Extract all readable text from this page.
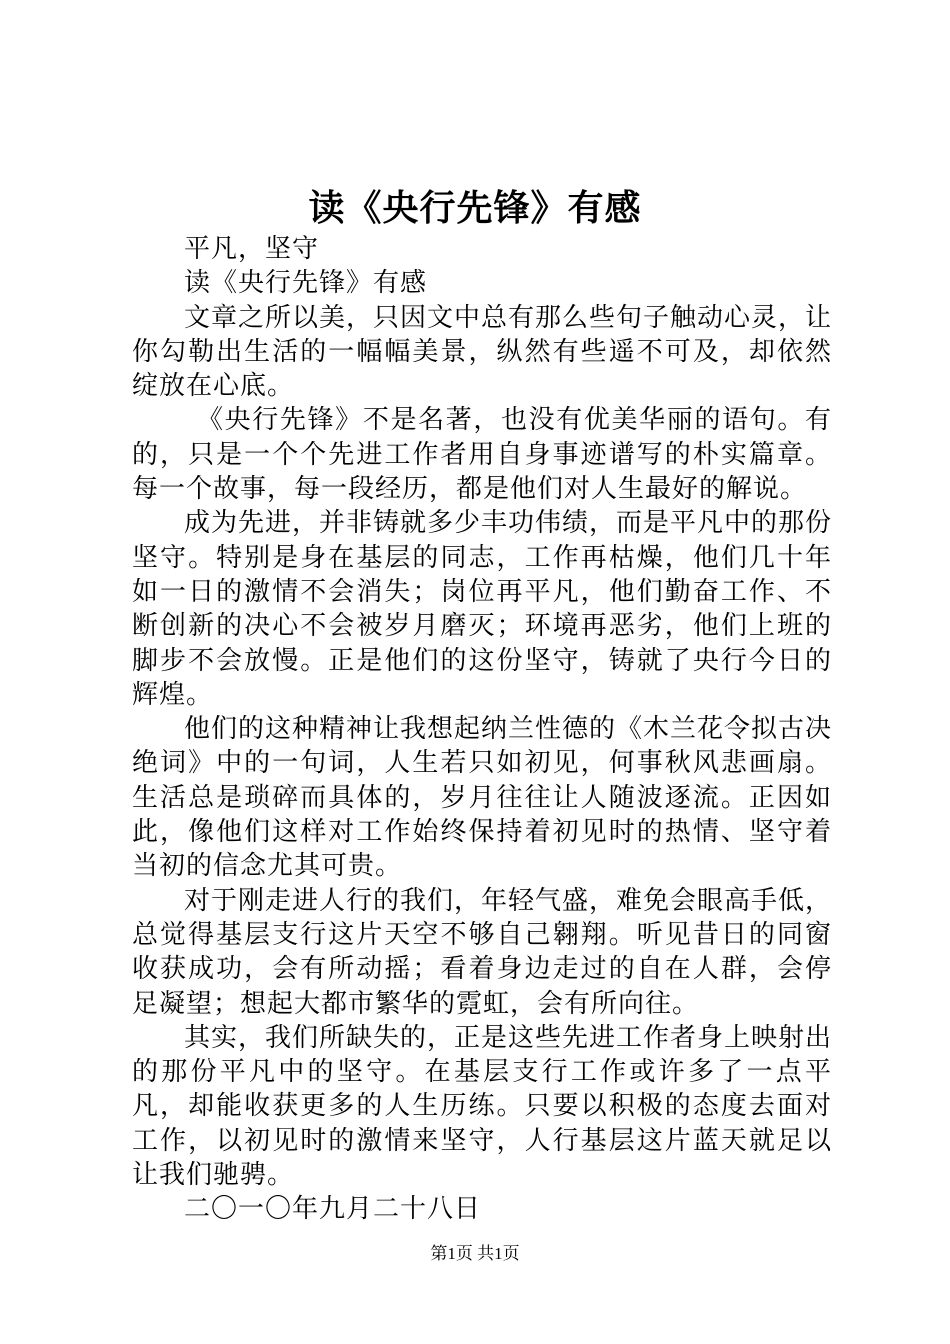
读《央行先锋》有感

平凡，坚守

读《央行先锋》有感

文章之所以美，只因文中总有那么些句子触动心灵，让你勾勒出生活的一幅幅美景，纵然有些遥不可及，却依然绽放在心底。

《央行先锋》不是名著，也没有优美华丽的语句。有的，只是一个个先进工作者用自身事迹谱写的朴实篇章。每一个故事，每一段经历，都是他们对人生最好的解说。

成为先进，并非铸就多少丰功伟绩，而是平凡中的那份坚守。特别是身在基层的同志，工作再枯燥，他们几十年如一日的激情不会消失；岗位再平凡，他们勤奋工作、不断创新的决心不会被岁月磨灭；环境再恶劣，他们上班的脚步不会放慢。正是他们的这份坚守，铸就了央行今日的辉煌。

他们的这种精神让我想起纳兰性德的《木兰花令拟古决绝词》中的一句词，人生若只如初见，何事秋风悲画扇。生活总是琐碎而具体的，岁月往往让人随波逐流。正因如此，像他们这样对工作始终保持着初见时的热情、坚守着当初的信念尤其可贵。

对于刚走进人行的我们，年轻气盛，难免会眼高手低，总觉得基层支行这片天空不够自己翱翔。听见昔日的同窗收获成功，会有所动摇；看着身边走过的自在人群，会停足凝望；想起大都市繁华的霓虹，会有所向往。

其实，我们所缺失的，正是这些先进工作者身上映射出的那份平凡中的坚守。在基层支行工作或许多了一点平凡，却能收获更多的人生历练。只要以积极的态度去面对工作，以初见时的激情来坚守，人行基层这片蓝天就足以让我们驰骋。

二〇一〇年九月二十八日

第1页 共1页
